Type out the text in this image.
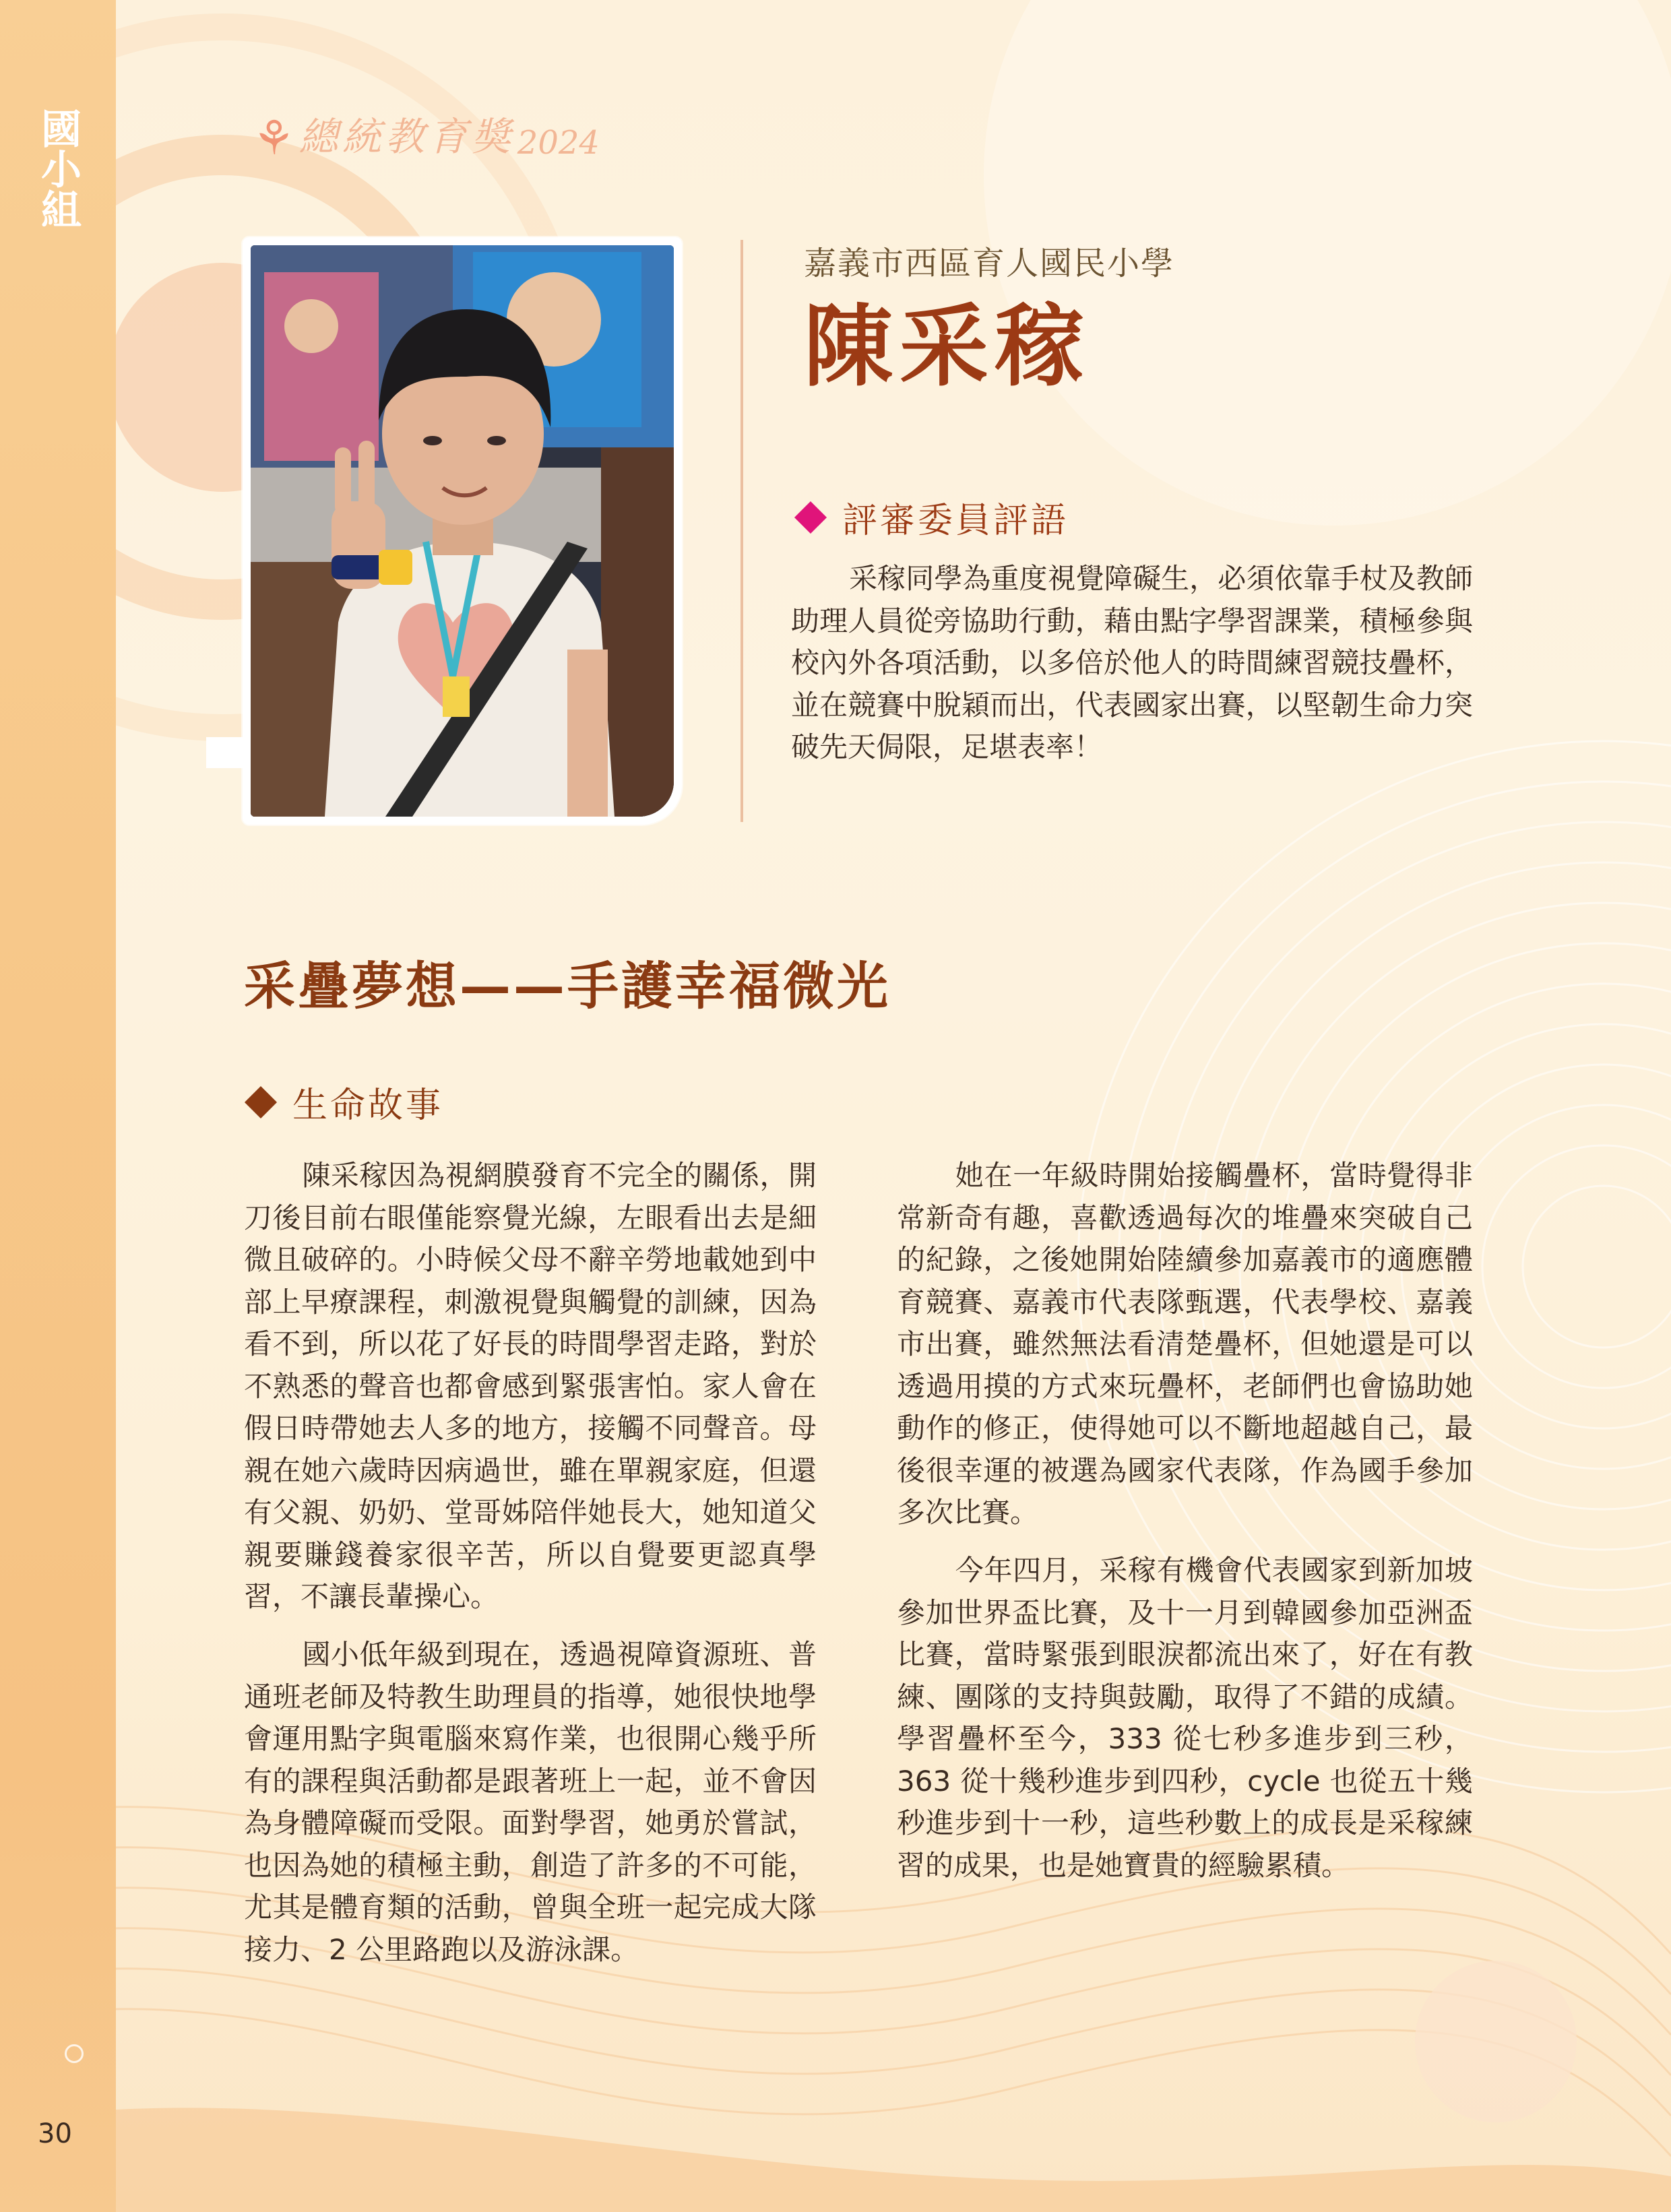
國小組	⚘ 總統教育獎 2024
嘉義市西區育人國民小學
陳采稼
評審委員評語

采稼同學為重度視覺障礙生，必須依靠手杖及教師助理人員從旁協助行動，藉由點字學習課業，積極參與校內外各項活動，以多倍於他人的時間練習競技疊杯，並在競賽中脫穎而出，代表國家出賽，以堅韌生命力突破先天侷限，足堪表率！

采疊夢想——手護幸福微光
生命故事

陳采稼因為視網膜發育不完全的關係，開刀後目前右眼僅能察覺光線，左眼看出去是細微且破碎的。小時候父母不辭辛勞地載她到中部上早療課程，刺激視覺與觸覺的訓練，因為看不到，所以花了好長的時間學習走路，對於不熟悉的聲音也都會感到緊張害怕。家人會在假日時帶她去人多的地方，接觸不同聲音。母親在她六歲時因病過世，雖在單親家庭，但還有父親、奶奶、堂哥姊陪伴她長大，她知道父親要賺錢養家很辛苦，所以自覺要更認真學習，不讓長輩操心。

國小低年級到現在，透過視障資源班、普通班老師及特教生助理員的指導，她很快地學會運用點字與電腦來寫作業，也很開心幾乎所有的課程與活動都是跟著班上一起，並不會因為身體障礙而受限。面對學習，她勇於嘗試，也因為她的積極主動，創造了許多的不可能，尤其是體育類的活動，曾與全班一起完成大隊接力、2 公里路跑以及游泳課。

她在一年級時開始接觸疊杯，當時覺得非常新奇有趣，喜歡透過每次的堆疊來突破自己的紀錄，之後她開始陸續參加嘉義市的適應體育競賽、嘉義市代表隊甄選，代表學校、嘉義市出賽，雖然無法看清楚疊杯，但她還是可以透過用摸的方式來玩疊杯，老師們也會協助她動作的修正，使得她可以不斷地超越自己，最後很幸運的被選為國家代表隊，作為國手參加多次比賽。

今年四月，采稼有機會代表國家到新加坡參加世界盃比賽，及十一月到韓國參加亞洲盃比賽，當時緊張到眼淚都流出來了，好在有教練、團隊的支持與鼓勵，取得了不錯的成績。學習疊杯至今，333 從七秒多進步到三秒，363 從十幾秒進步到四秒，cycle 也從五十幾秒進步到十一秒，這些秒數上的成長是采稼練習的成果，也是她寶貴的經驗累積。

30
